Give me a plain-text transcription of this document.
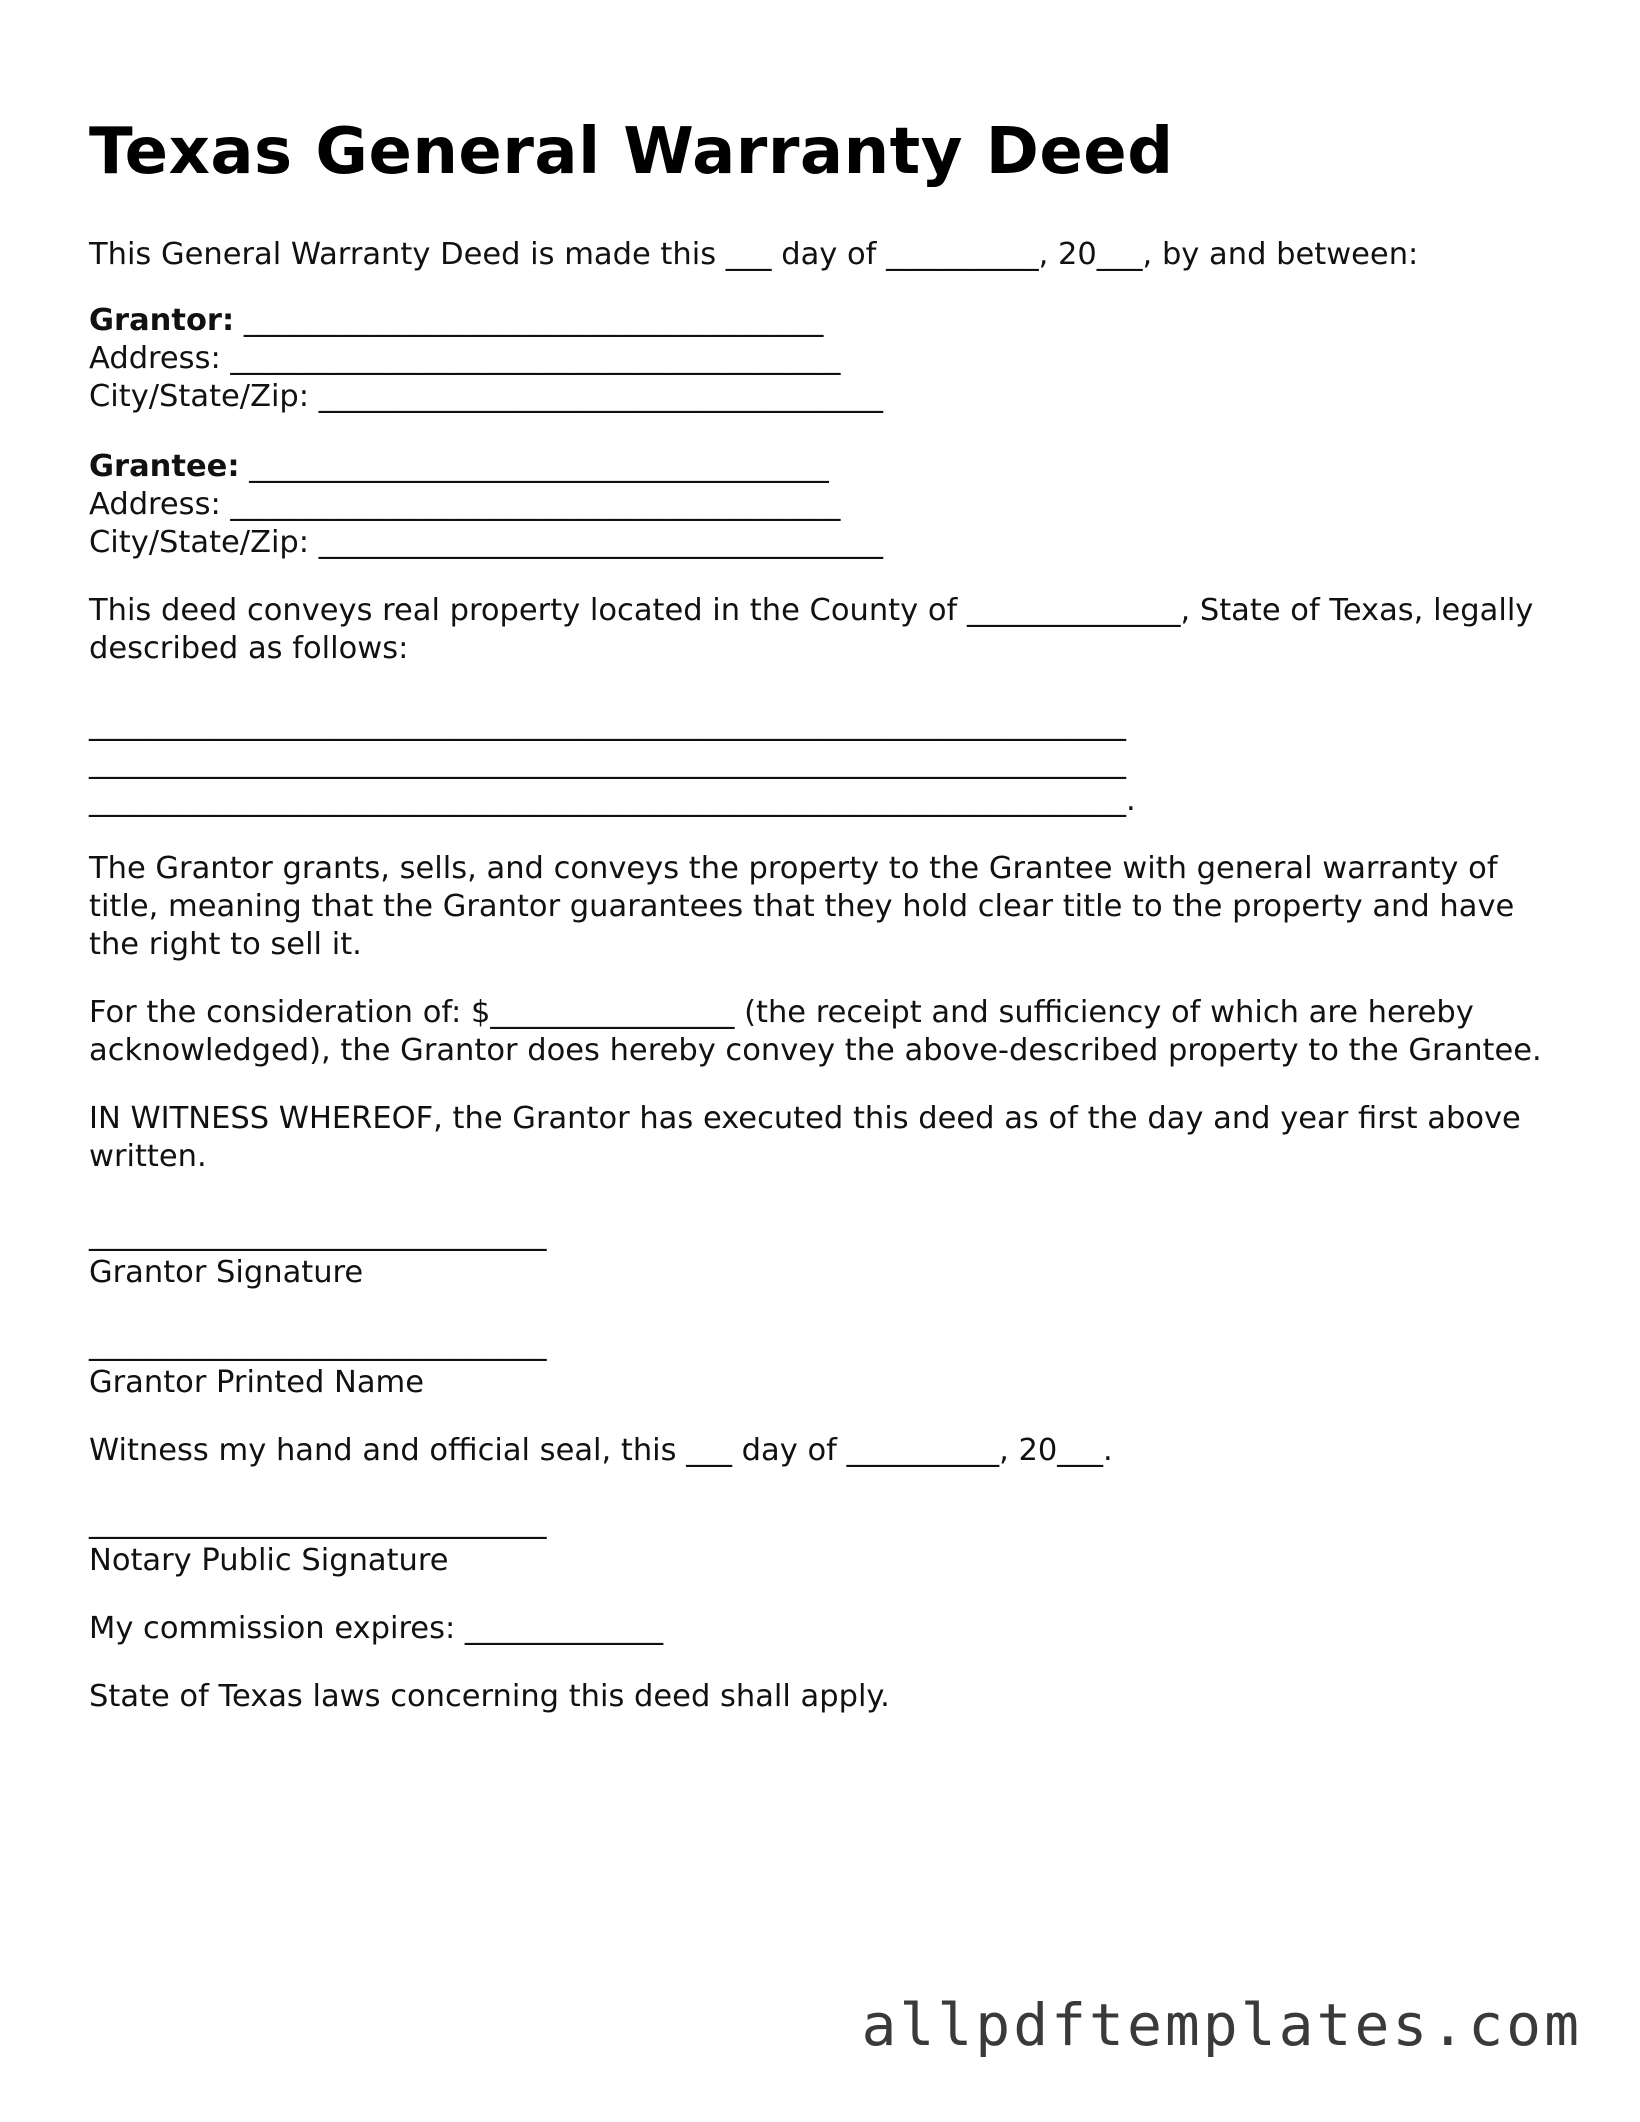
Texas General Warranty Deed

This General Warranty Deed is made this ___ day of __________, 20___, by and between:

Grantor: ______________________________________
Address: ________________________________________
City/State/Zip: _____________________________________
Grantee: ______________________________________
Address: ________________________________________
City/State/Zip: _____________________________________

This deed conveys real property located in the County of ______________, State of Texas, legally described as follows:

____________________________________________________________________
____________________________________________________________________
____________________________________________________________________.

The Grantor grants, sells, and conveys the property to the Grantee with general warranty of title, meaning that the Grantor guarantees that they hold clear title to the property and have the right to sell it.

For the consideration of: $________________ (the receipt and sufficiency of which are hereby acknowledged), the Grantor does hereby convey the above-described property to the Grantee.

IN WITNESS WHEREOF, the Grantor has executed this deed as of the day and year first above written.

______________________________
Grantor Signature
______________________________
Grantor Printed Name

Witness my hand and official seal, this ___ day of __________, 20___.

______________________________
Notary Public Signature

My commission expires: _____________

State of Texas laws concerning this deed shall apply.

allpdftemplates.com
